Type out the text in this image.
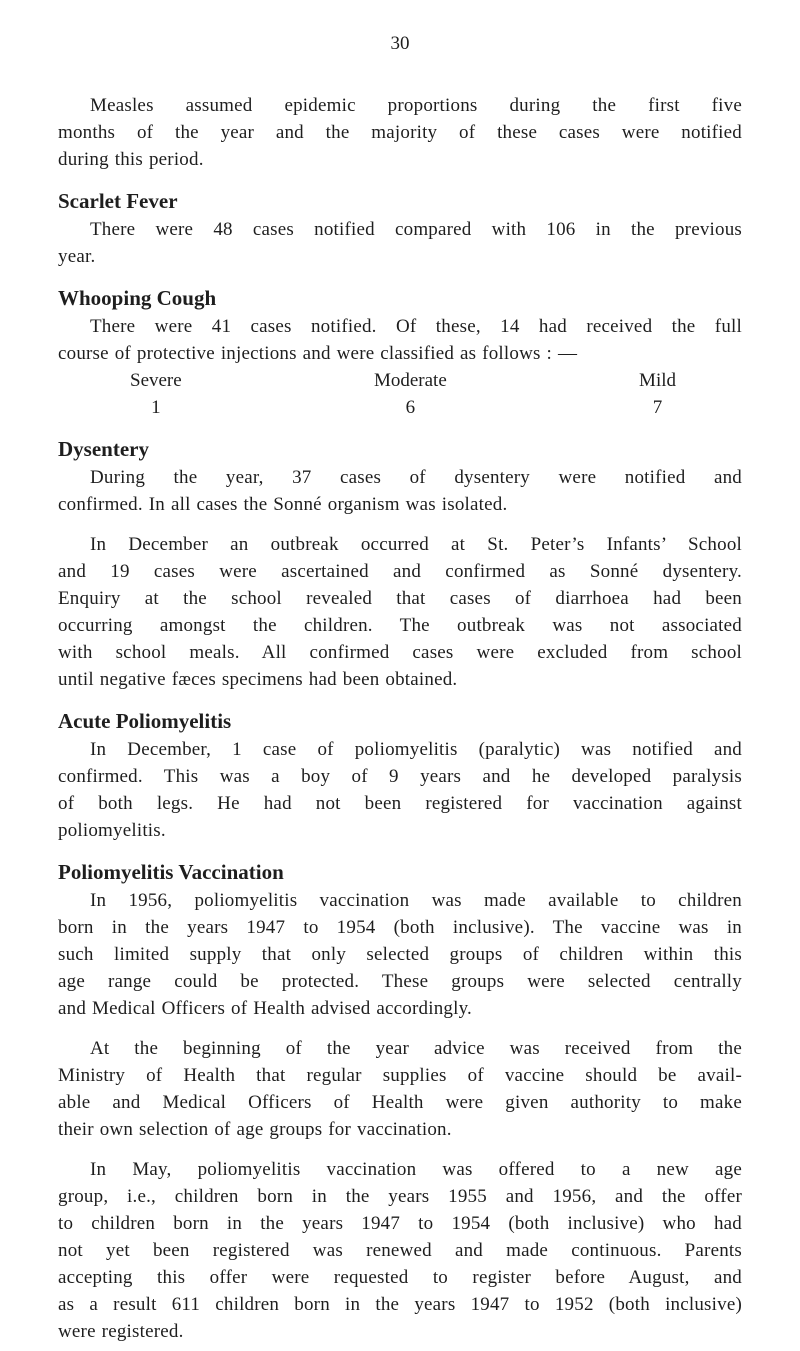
30
Measles assumed epidemic proportions during the first five
months of the year and the majority of these cases were notified
during this period.
Scarlet Fever
There were 48 cases notified compared with 106 in the previous
year.
Whooping Cough
There were 41 cases notified. Of these, 14 had received the full
course of protective injections and were classified as follows : —
Severe
1
Moderate
6
Mild
7
Dysentery
During the year, 37 cases of dysentery were notified and
confirmed. In all cases the Sonné organism was isolated.
In December an outbreak occurred at St. Peter’s Infants’ School
and 19 cases were ascertained and confirmed as Sonné dysentery.
Enquiry at the school revealed that cases of diarrhoea had been
occurring amongst the children. The outbreak was not associated
with school meals. All confirmed cases were excluded from school
until negative fæces specimens had been obtained.
Acute Poliomyelitis
In December, 1 case of poliomyelitis (paralytic) was notified and
confirmed. This was a boy of 9 years and he developed paralysis
of both legs. He had not been registered for vaccination against
poliomyelitis.
Poliomyelitis Vaccination
In 1956, poliomyelitis vaccination was made available to children
born in the years 1947 to 1954 (both inclusive). The vaccine was in
such limited supply that only selected groups of children within this
age range could be protected. These groups were selected centrally
and Medical Officers of Health advised accordingly.
At the beginning of the year advice was received from the
Ministry of Health that regular supplies of vaccine should be avail-
able and Medical Officers of Health were given authority to make
their own selection of age groups for vaccination.
In May, poliomyelitis vaccination was offered to a new age
group, i.e., children born in the years 1955 and 1956, and the offer
to children born in the years 1947 to 1954 (both inclusive) who had
not yet been registered was renewed and made continuous. Parents
accepting this offer were requested to register before August, and
as a result 611 children born in the years 1947 to 1952 (both inclusive)
were registered.
